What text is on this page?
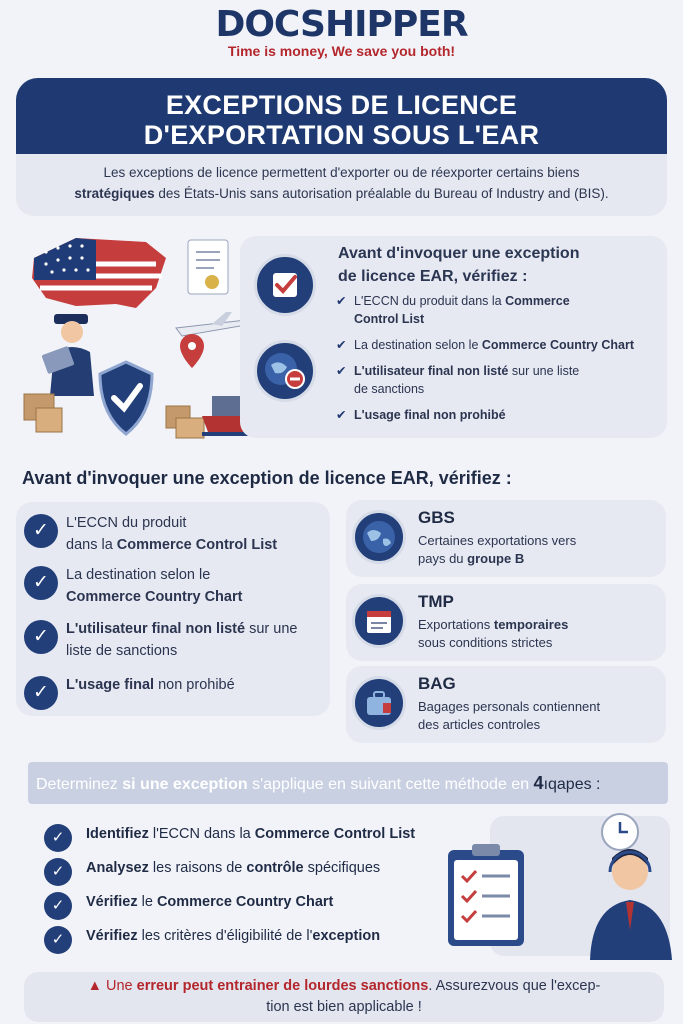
DOCSHIPPER
Time is money, We save you both!
EXCEPTIONS DE LICENCE
D'EXPORTATION SOUS L'EAR
Les exceptions de licence permettent d'exporter ou de réexporter certains biens
stratégiques des États-Unis sans autorisation préalable du Bureau of Industry and (BIS).
Avant d'invoquer une exception
de licence EAR, vérifiez :
✔ L'ECCN du produit dans la Commerce
Control List
✔ La destination selon le Commerce Country Chart
✔ L'utilisateur final non listé sur une liste
de sanctions
✔ L'usage final non prohibé
Avant d'invoquer une exception de licence EAR, vérifiez :
✓	L'ECCN du produit
dans la Commerce Control List
✓	La destination selon le
Commerce Country Chart
✓	L'utilisateur final non listé sur une
liste de sanctions
✓	L'usage final non prohibé
GBS
Certaines exportations vers
pays du groupe B
TMP
Exportations temporaires
sous conditions strictes
BAG
Bagages personals contiennent
des articles controles
Determinez si une exception s'applique en suivant cette méthode en 4ıqapes :
✓	Identifiez l'ECCN dans la Commerce Control List
✓	Analysez les raisons de contrôle spécifiques
✓	Vérifiez le Commerce Country Chart
✓	Vérifiez les critères d'éligibilité de l'exception
▲ Une erreur peut entrainer de lourdes sanctions. Assurezvous que l'excep-
tion est bien applicable !
